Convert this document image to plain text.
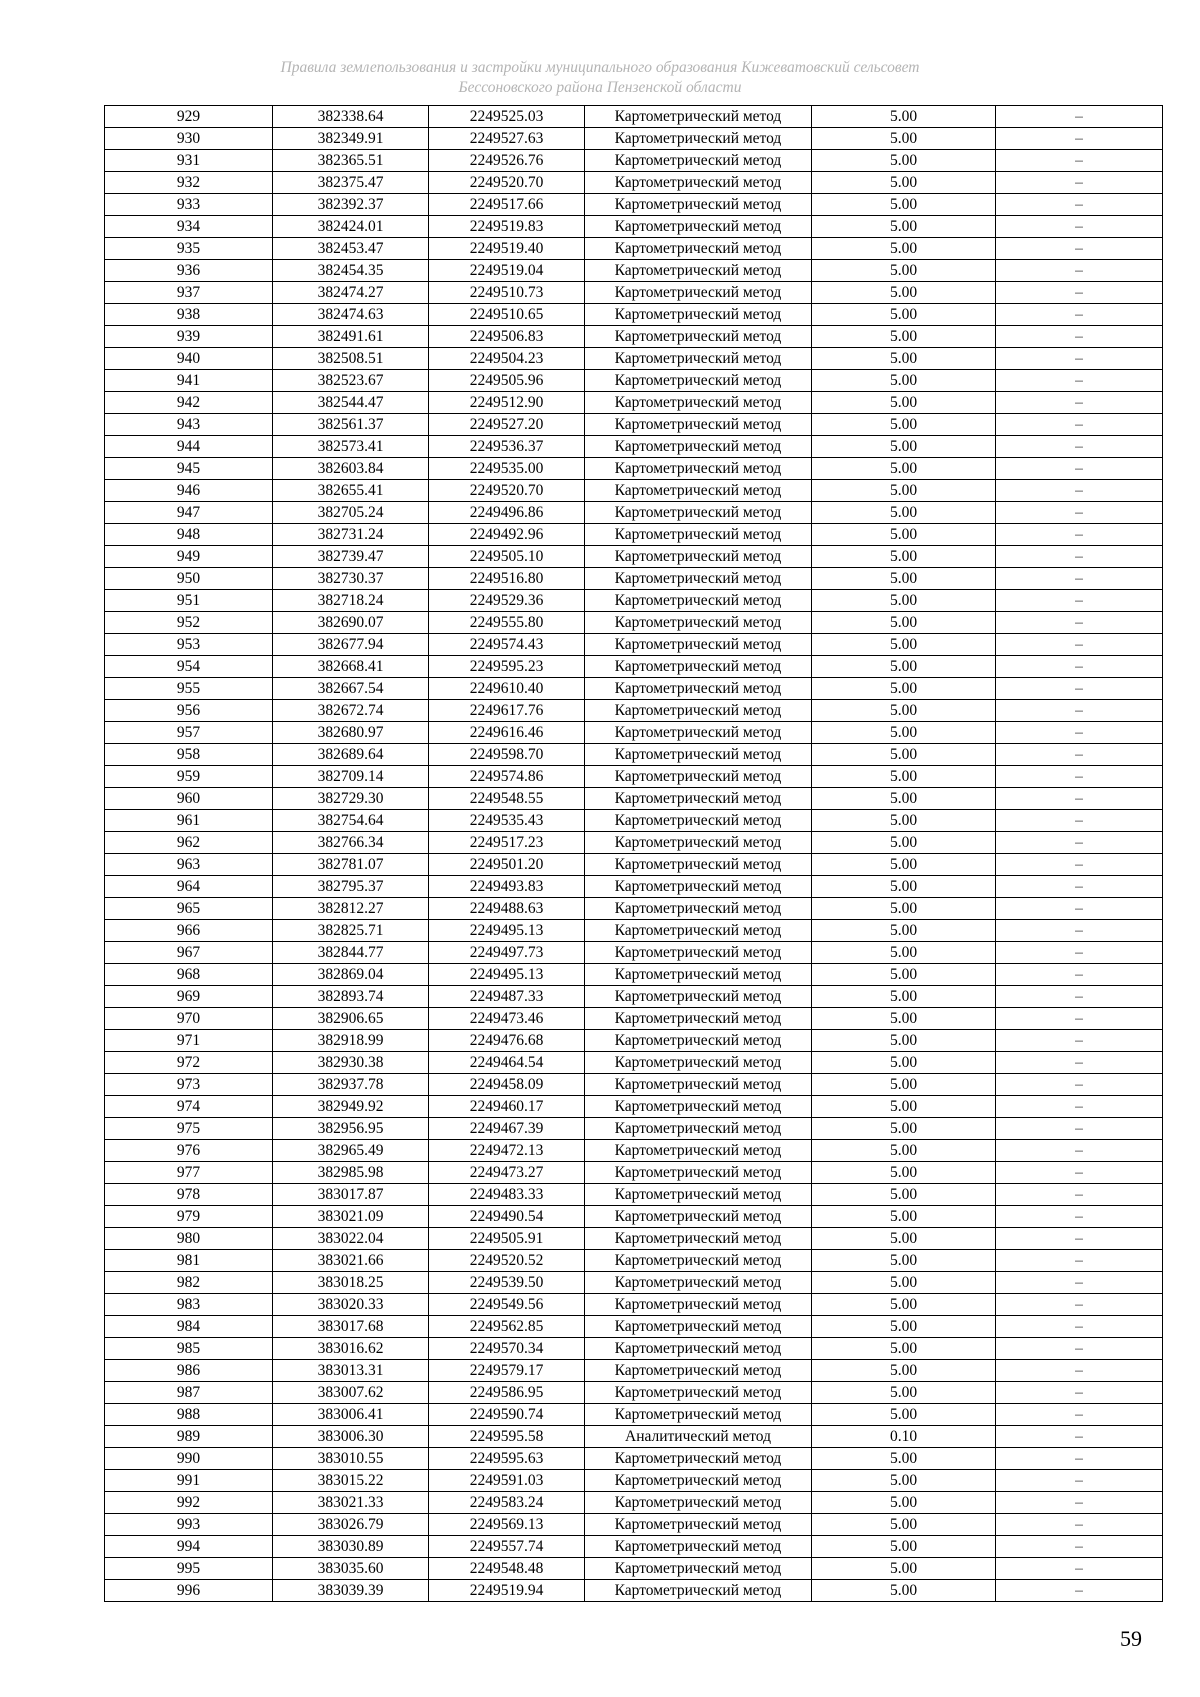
Правила землепользования и застройки муниципального образования Кижеватовский сельсовет
Бессоновского района Пензенской области
929	382338.64	2249525.03	Картометрический метод	5.00	–
930	382349.91	2249527.63	Картометрический метод	5.00	–
931	382365.51	2249526.76	Картометрический метод	5.00	–
932	382375.47	2249520.70	Картометрический метод	5.00	–
933	382392.37	2249517.66	Картометрический метод	5.00	–
934	382424.01	2249519.83	Картометрический метод	5.00	–
935	382453.47	2249519.40	Картометрический метод	5.00	–
936	382454.35	2249519.04	Картометрический метод	5.00	–
937	382474.27	2249510.73	Картометрический метод	5.00	–
938	382474.63	2249510.65	Картометрический метод	5.00	–
939	382491.61	2249506.83	Картометрический метод	5.00	–
940	382508.51	2249504.23	Картометрический метод	5.00	–
941	382523.67	2249505.96	Картометрический метод	5.00	–
942	382544.47	2249512.90	Картометрический метод	5.00	–
943	382561.37	2249527.20	Картометрический метод	5.00	–
944	382573.41	2249536.37	Картометрический метод	5.00	–
945	382603.84	2249535.00	Картометрический метод	5.00	–
946	382655.41	2249520.70	Картометрический метод	5.00	–
947	382705.24	2249496.86	Картометрический метод	5.00	–
948	382731.24	2249492.96	Картометрический метод	5.00	–
949	382739.47	2249505.10	Картометрический метод	5.00	–
950	382730.37	2249516.80	Картометрический метод	5.00	–
951	382718.24	2249529.36	Картометрический метод	5.00	–
952	382690.07	2249555.80	Картометрический метод	5.00	–
953	382677.94	2249574.43	Картометрический метод	5.00	–
954	382668.41	2249595.23	Картометрический метод	5.00	–
955	382667.54	2249610.40	Картометрический метод	5.00	–
956	382672.74	2249617.76	Картометрический метод	5.00	–
957	382680.97	2249616.46	Картометрический метод	5.00	–
958	382689.64	2249598.70	Картометрический метод	5.00	–
959	382709.14	2249574.86	Картометрический метод	5.00	–
960	382729.30	2249548.55	Картометрический метод	5.00	–
961	382754.64	2249535.43	Картометрический метод	5.00	–
962	382766.34	2249517.23	Картометрический метод	5.00	–
963	382781.07	2249501.20	Картометрический метод	5.00	–
964	382795.37	2249493.83	Картометрический метод	5.00	–
965	382812.27	2249488.63	Картометрический метод	5.00	–
966	382825.71	2249495.13	Картометрический метод	5.00	–
967	382844.77	2249497.73	Картометрический метод	5.00	–
968	382869.04	2249495.13	Картометрический метод	5.00	–
969	382893.74	2249487.33	Картометрический метод	5.00	–
970	382906.65	2249473.46	Картометрический метод	5.00	–
971	382918.99	2249476.68	Картометрический метод	5.00	–
972	382930.38	2249464.54	Картометрический метод	5.00	–
973	382937.78	2249458.09	Картометрический метод	5.00	–
974	382949.92	2249460.17	Картометрический метод	5.00	–
975	382956.95	2249467.39	Картометрический метод	5.00	–
976	382965.49	2249472.13	Картометрический метод	5.00	–
977	382985.98	2249473.27	Картометрический метод	5.00	–
978	383017.87	2249483.33	Картометрический метод	5.00	–
979	383021.09	2249490.54	Картометрический метод	5.00	–
980	383022.04	2249505.91	Картометрический метод	5.00	–
981	383021.66	2249520.52	Картометрический метод	5.00	–
982	383018.25	2249539.50	Картометрический метод	5.00	–
983	383020.33	2249549.56	Картометрический метод	5.00	–
984	383017.68	2249562.85	Картометрический метод	5.00	–
985	383016.62	2249570.34	Картометрический метод	5.00	–
986	383013.31	2249579.17	Картометрический метод	5.00	–
987	383007.62	2249586.95	Картометрический метод	5.00	–
988	383006.41	2249590.74	Картометрический метод	5.00	–
989	383006.30	2249595.58	Аналитический метод	0.10	–
990	383010.55	2249595.63	Картометрический метод	5.00	–
991	383015.22	2249591.03	Картометрический метод	5.00	–
992	383021.33	2249583.24	Картометрический метод	5.00	–
993	383026.79	2249569.13	Картометрический метод	5.00	–
994	383030.89	2249557.74	Картометрический метод	5.00	–
995	383035.60	2249548.48	Картометрический метод	5.00	–
996	383039.39	2249519.94	Картометрический метод	5.00	–
59
